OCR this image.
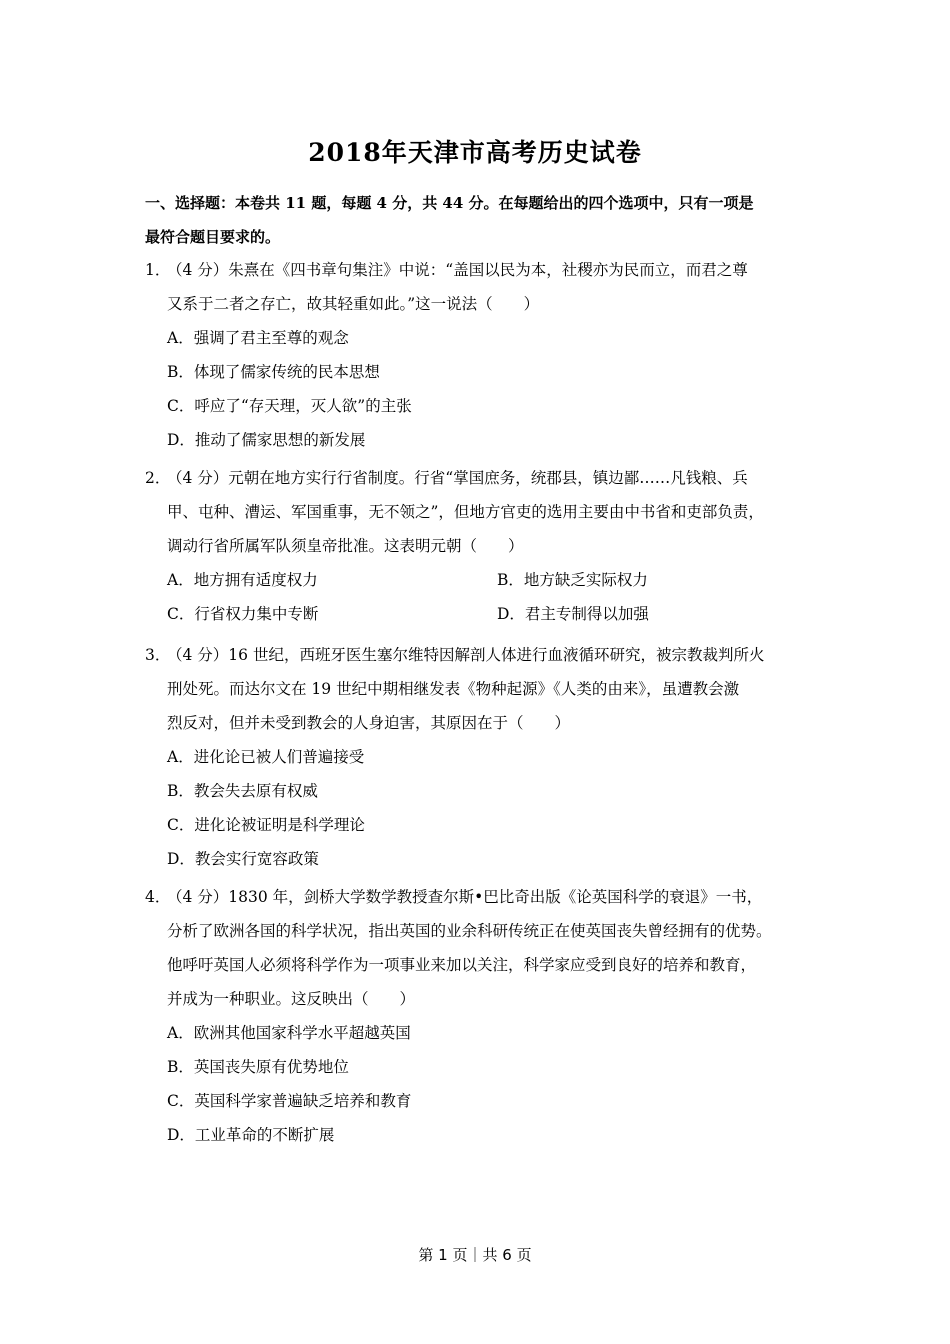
2018年天津市高考历史试卷
一、选择题：本卷共 11 题，每题 4 分，共 44 分。在每题给出的四个选项中，只有一项是
最符合题目要求的。
1．
（4 分）朱熹在《四书章句集注》中说：“盖国以民为本，社稷亦为民而立，而君之尊
又系于二者之存亡，故其轻重如此。”这一说法（　　）
A．强调了君主至尊的观念
B．体现了儒家传统的民本思想
C．呼应了“存天理，灭人欲”的主张
D．推动了儒家思想的新发展
2．
（4 分）元朝在地方实行行省制度。行省“掌国庶务，统郡县，镇边鄙……凡钱粮、兵
甲、屯种、漕运、军国重事，无不领之”，但地方官吏的选用主要由中书省和吏部负责，
调动行省所属军队须皇帝批准。这表明元朝（　　）
A．地方拥有适度权力	B．地方缺乏实际权力
C．行省权力集中专断	D．君主专制得以加强
3．
（4 分）16 世纪，西班牙医生塞尔维特因解剖人体进行血液循环研究，被宗教裁判所火
刑处死。而达尔文在 19 世纪中期相继发表《物种起源》《人类的由来》，虽遭教会激
烈反对，但并未受到教会的人身迫害，其原因在于（　　）
A．进化论已被人们普遍接受
B．教会失去原有权威
C．进化论被证明是科学理论
D．教会实行宽容政策
4．
（4 分）1830 年，剑桥大学数学教授查尔斯•巴比奇出版《论英国科学的衰退》一书，
分析了欧洲各国的科学状况，指出英国的业余科研传统正在使英国丧失曾经拥有的优势。
他呼吁英国人必须将科学作为一项事业来加以关注，科学家应受到良好的培养和教育，
并成为一种职业。这反映出（　　）
A．欧洲其他国家科学水平超越英国
B．英国丧失原有优势地位
C．英国科学家普遍缺乏培养和教育
D．工业革命的不断扩展
第 1 页｜共 6 页
